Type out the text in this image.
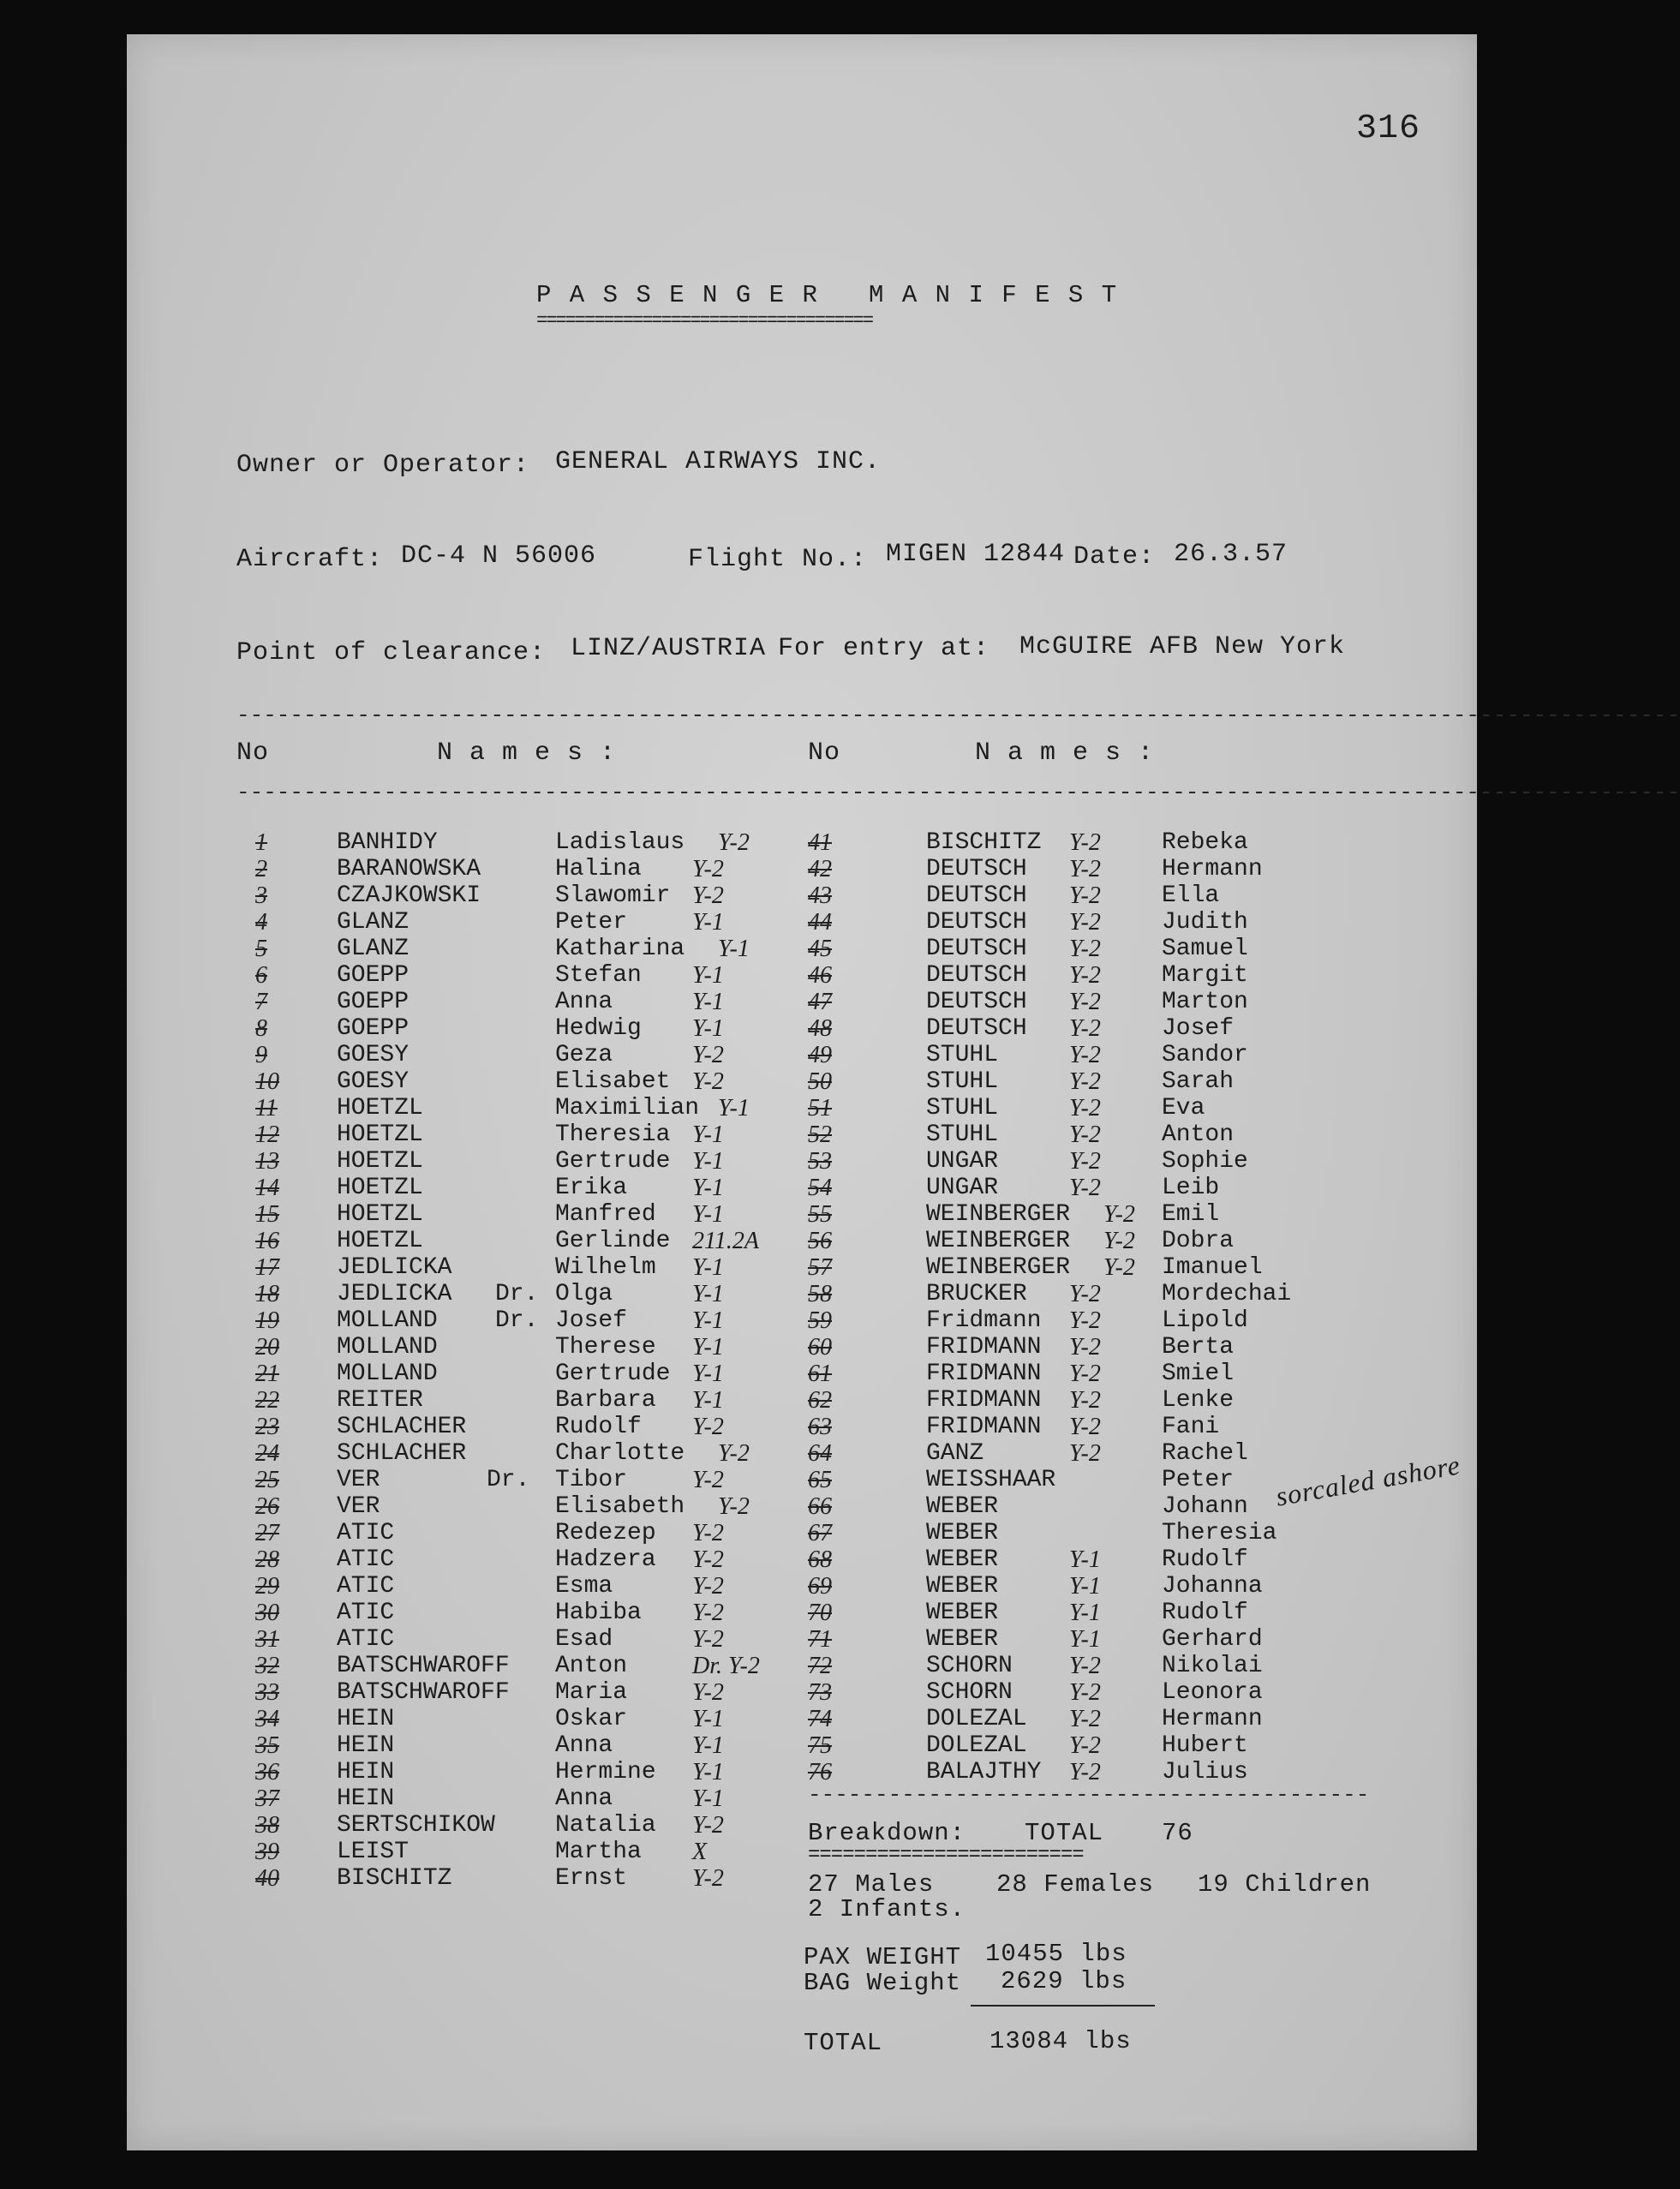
316
P A S S E N G E R   M A N I F E S T
===================================
Owner or Operator: GENERAL AIRWAYS INC.
Aircraft: DC-4 N 56006	Flight No.: MIGEN 12844 Date: 26.3.57
Point of clearance: LINZ/AUSTRIA For entry at: McGUIRE AFB New York
------------------------------------------------------------------------------------------------------------
No	N a m e s :	No	N a m e s :
------------------------------------------------------------------------------------------------------------
1	BANHIDY	Ladislaus Y-2
2	BARANOWSKA	Halina Y-2
3	CZAJKOWSKI	Slawomir Y-2
4	GLANZ	Peter	Y-1
5	GLANZ	Katharina Y-1
6	GOEPP	Stefan Y-1
7	GOEPP	Anna	Y-1
8	GOEPP	Hedwig Y-1
9	GOESY	Geza	Y-2
10 GOESY	Elisabet Y-2
11 HOETZL	Maximilian Y-1
12 HOETZL	Theresia Y-1
13 HOETZL	Gertrude Y-1
14 HOETZL	Erika	Y-1
15 HOETZL	Manfred Y-1
16 HOETZL	Gerlinde 211.2A
17 JEDLICKA	Wilhelm Y-1
18 JEDLICKA Dr. Olga	Y-1
19 MOLLAND Dr. Josef	Y-1
20 MOLLAND	Therese Y-1
21 MOLLAND	Gertrude Y-1
22 REITER	Barbara Y-1
23 SCHLACHER	Rudolf Y-2
24 SCHLACHER	Charlotte Y-2
25 VER	Dr. Tibor	Y-2
26 VER	Elisabeth Y-2
27 ATIC	Redezep Y-2
28 ATIC	Hadzera Y-2
29 ATIC	Esma	Y-2
30 ATIC	Habiba Y-2
31 ATIC	Esad	Y-2
32 BATSCHWAROFF Anton	Dr. Y-2
33 BATSCHWAROFF Maria	Y-2
34 HEIN	Oskar	Y-1
35 HEIN	Anna	Y-1
36 HEIN	Hermine Y-1
37 HEIN	Anna	Y-1
38 SERTSCHIKOW	Natalia Y-2
39 LEIST	Martha X
40 BISCHITZ	Ernst	Y-2
41	BISCHITZ Y-2	Rebeka
42	DEUTSCH Y-2	Hermann
43	DEUTSCH Y-2	Ella
44	DEUTSCH Y-2	Judith
45	DEUTSCH Y-2	Samuel
46	DEUTSCH Y-2	Margit
47	DEUTSCH Y-2	Marton
48	DEUTSCH Y-2	Josef
49	STUHL	Y-2	Sandor
50	STUHL	Y-2	Sarah
51	STUHL	Y-2	Eva
52	STUHL	Y-2	Anton
53	UNGAR	Y-2	Sophie
54	UNGAR	Y-2	Leib
55	WEINBERGER Y-2 Emil
56	WEINBERGER Y-2 Dobra
57	WEINBERGER Y-2 Imanuel
58	BRUCKER Y-2	Mordechai
59	Fridmann Y-2	Lipold
60	FRIDMANN Y-2	Berta
61	FRIDMANN Y-2	Smiel
62	FRIDMANN Y-2	Lenke
63	FRIDMANN Y-2	Fani
64	GANZ	Y-2	Rachel
65	WEISSHAAR	Peter
66	WEBER	Johann
67	WEBER	Theresia
68	WEBER	Y-1	Rudolf
69	WEBER	Y-1	Johanna
70	WEBER	Y-1	Rudolf
71	WEBER	Y-1	Gerhard
72	SCHORN Y-2	Nikolai
73	SCHORN Y-2	Leonora
74	DOLEZAL Y-2	Hermann
75	DOLEZAL Y-2	Hubert
76	BALAJTHY Y-2	Julius
sorcaled ashore
------------------------------------------
Breakdown: TOTAL 76
========================
27 Males	28 Females 19 Children
2 Infants.
PAX WEIGHT 10455 lbs
BAG Weight 2629 lbs
TOTAL	13084 lbs
